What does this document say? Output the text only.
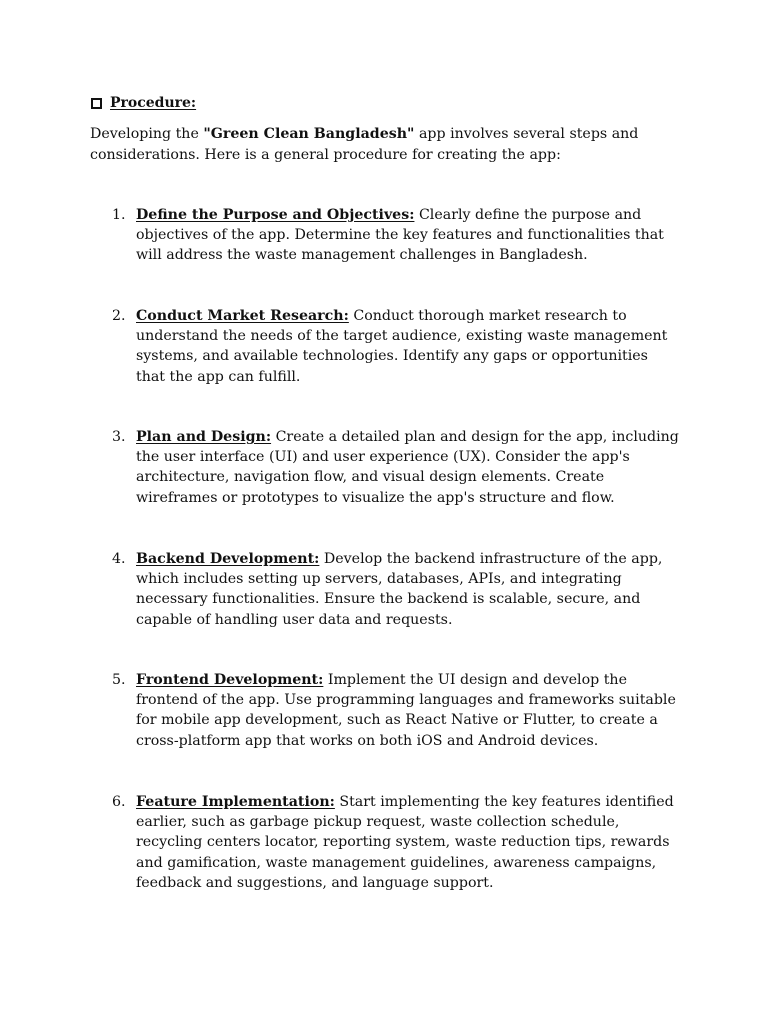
Procedure:
Developing the "Green Clean Bangladesh" app involves several steps and considerations. Here is a general procedure for creating the app:
1. Define the Purpose and Objectives: Clearly define the purpose and objectives of the app. Determine the key features and functionalities that will address the waste management challenges in Bangladesh.
2. Conduct Market Research: Conduct thorough market research to understand the needs of the target audience, existing waste management systems, and available technologies. Identify any gaps or opportunities that the app can fulfill.
3. Plan and Design: Create a detailed plan and design for the app, including the user interface (UI) and user experience (UX). Consider the app's architecture, navigation flow, and visual design elements. Create wireframes or prototypes to visualize the app's structure and flow.
4. Backend Development: Develop the backend infrastructure of the app, which includes setting up servers, databases, APIs, and integrating necessary functionalities. Ensure the backend is scalable, secure, and capable of handling user data and requests.
5. Frontend Development: Implement the UI design and develop the frontend of the app. Use programming languages and frameworks suitable for mobile app development, such as React Native or Flutter, to create a cross-platform app that works on both iOS and Android devices.
6. Feature Implementation: Start implementing the key features identified earlier, such as garbage pickup request, waste collection schedule, recycling centers locator, reporting system, waste reduction tips, rewards and gamification, waste management guidelines, awareness campaigns, feedback and suggestions, and language support.
